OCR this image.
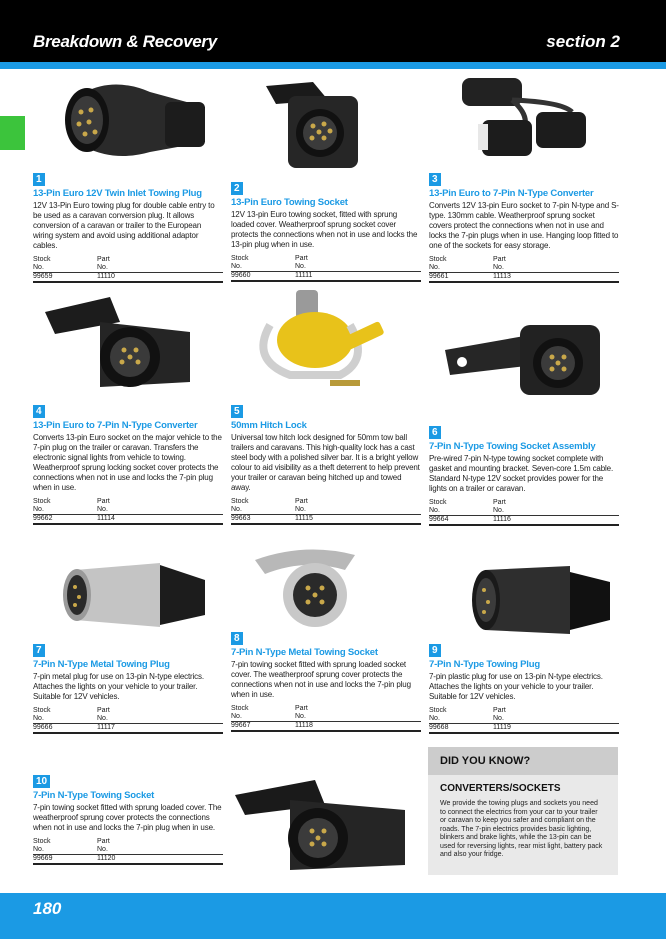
Breakdown & Recovery	section 2
1
13-Pin Euro 12V Twin Inlet Towing Plug
12V 13-Pin Euro towing plug for double cable entry to be used as a caravan conversion plug. It allows conversion of a caravan or trailer to the European wiring system and avoid using additional adaptor cables.
Stock	Part
No.	No.
99659	11110
2
13-Pin Euro Towing Socket
12V 13-pin Euro towing socket, fitted with sprung loaded cover. Weatherproof sprung socket cover protects the connections when not in use and locks the 13-pin plug when in use.
Stock	Part
No.	No.
99660	11111
3
13-Pin Euro to 7-Pin N-Type Converter
Converts 12V 13-pin Euro socket to 7-pin N-type and S-type. 130mm cable. Weatherproof sprung socket covers protect the connections when not in use and locks the 7-pin plugs when in use. Hanging loop fitted to one of the sockets for easy storage.
Stock	Part
No.	No.
99661	11113
4
13-Pin Euro to 7-Pin N-Type Converter
Converts 13-pin Euro socket on the major vehicle to the 7-pin plug on the trailer or caravan. Transfers the electronic signal lights from vehicle to towing. Weatherproof sprung locking socket cover protects the connections when not in use and locks the 7-pin plug when in use.
Stock	Part
No.	No.
99662	11114
5
50mm Hitch Lock
Universal tow hitch lock designed for 50mm tow ball trailers and caravans. This high-quality lock has a cast steel body with a polished silver bar. It is a bright yellow colour to aid visibility as a theft deterrent to help prevent your trailer or caravan being hitched up and towed away.
Stock	Part
No.	No.
99663	11115
6
7-Pin N-Type Towing Socket Assembly
Pre-wired 7-pin N-type towing socket complete with gasket and mounting bracket. Seven-core 1.5m cable. Standard N-type 12V socket provides power for the lights on a trailer or caravan.
Stock	Part
No.	No.
99664	11116
7
7-Pin N-Type Metal Towing Plug
7-pin metal plug for use on 13-pin N-type electrics. Attaches the lights on your vehicle to your trailer. Suitable for 12V vehicles.
Stock	Part
No.	No.
99666	11117
8
7-Pin N-Type Metal Towing Socket
7-pin towing socket fitted with sprung loaded socket cover. The weatherproof sprung cover protects the connections when not in use and locks the 7-pin plug when in use.
Stock	Part
No.	No.
99667	11118
9
7-Pin N-Type Towing Plug
7-pin plastic plug for use on 13-pin N-type electrics. Attaches the lights on your vehicle to your trailer. Suitable for 12V vehicles.
Stock	Part
No.	No.
99668	11119
10
7-Pin N-Type Towing Socket
7-pin towing socket fitted with sprung loaded cover. The weatherproof sprung cover protects the connections when not in use and locks the 7-pin plug when in use.
Stock	Part
No.	No.
99669	11120
DID YOU KNOW?
CONVERTERS/SOCKETS
We provide the towing plugs and sockets you need to connect the electrics from your car to your trailer or caravan to keep you safer and compliant on the roads. The 7-pin electrics provides basic lighting, blinkers and brake lights, while the 13-pin can be used for reversing lights, rear mist light, battery pack and also your fridge.
180
